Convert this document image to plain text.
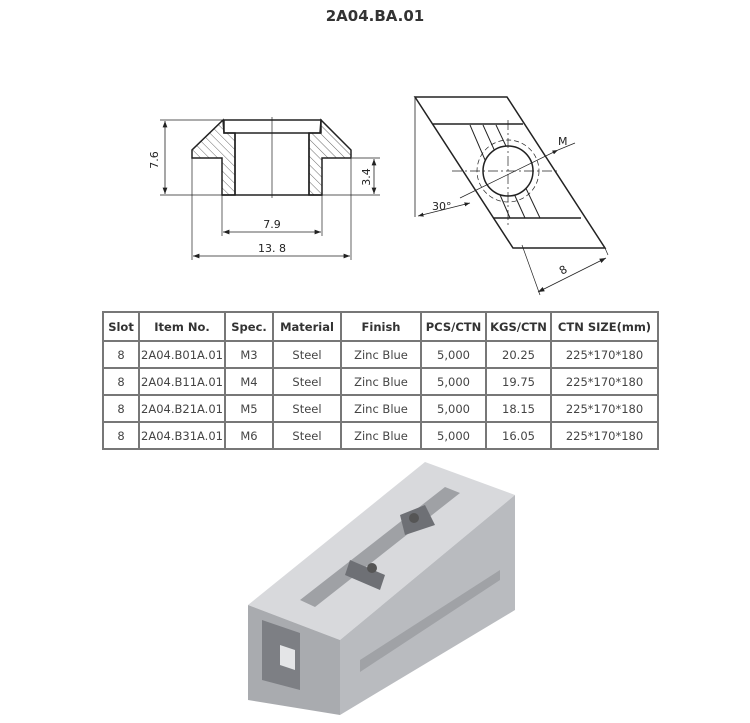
2A04.BA.01
7.6
3.4
7.9
13. 8
M
30°
8
Slot	Item No.	Spec.	Material	Finish	PCS/CTN	KGS/CTN	CTN SIZE(mm)
8	2A04.B01A.01	M3	Steel	Zinc Blue	5,000	20.25	225*170*180
8	2A04.B11A.01	M4	Steel	Zinc Blue	5,000	19.75	225*170*180
8	2A04.B21A.01	M5	Steel	Zinc Blue	5,000	18.15	225*170*180
8	2A04.B31A.01	M6	Steel	Zinc Blue	5,000	16.05	225*170*180
